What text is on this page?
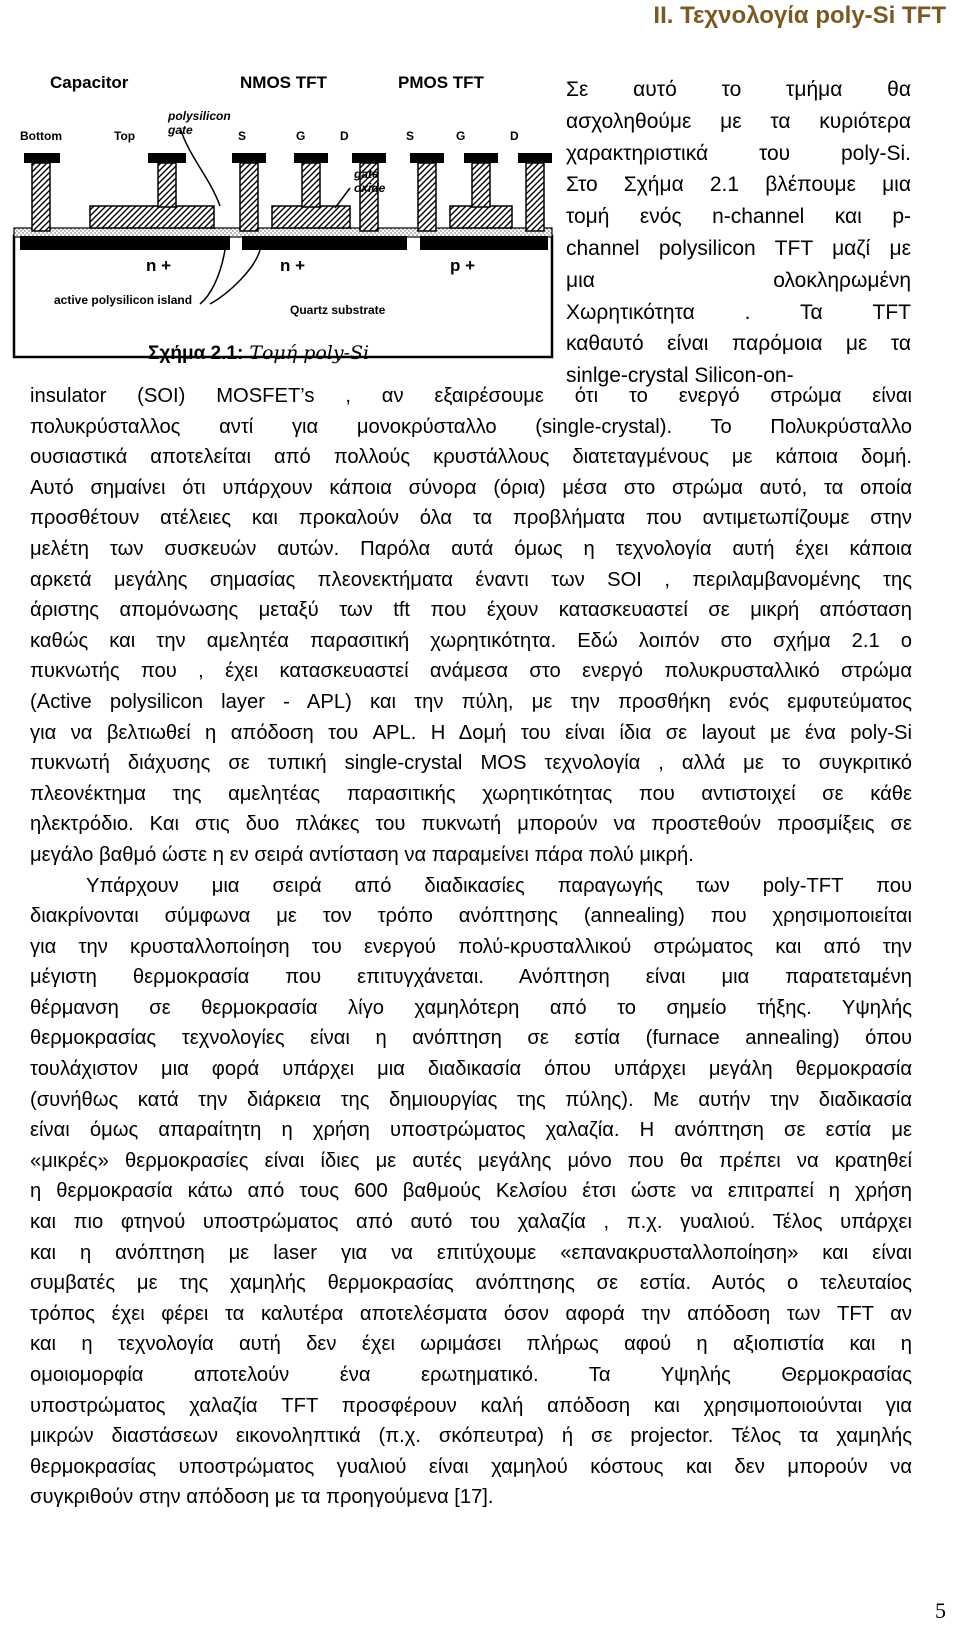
II. Τεχνολογία poly-Si TFT
Capacitor	NMOS TFT	PMOS TFT
Bottom	Top
polysilicon
gate	S	G	D	S	G	D
gate
oxide
n +	n +	p +
active polysilicon island
Quartz substrate
Σχήμα 2.1: Τομή poly-Si
Σε αυτό το τμήμα θα
ασχοληθούμε με τα κυριότερα
χαρακτηριστικά του poly-Si.
Στο Σχήμα 2.1 βλέπουμε μια
τομή ενός n-channel και p-
channel polysilicon TFT μαζί με
μια ολοκληρωμένη
Χωρητικότητα . Τα TFT
καθαυτό είναι παρόμοια με τα
sinlge-crystal Silicon-on-
insulator (SOI) MOSFET’s , αν εξαιρέσουμε ότι το ενεργό στρώμα είναι
πολυκρύσταλλος αντί για μονοκρύσταλλο (single-crystal). Το Πολυκρύσταλλο
ουσιαστικά αποτελείται από πολλούς κρυστάλλους διατεταγμένους με κάποια δομή.
Αυτό σημαίνει ότι υπάρχουν κάποια σύνορα (όρια) μέσα στο στρώμα αυτό, τα οποία
προσθέτουν ατέλειες και προκαλούν όλα τα προβλήματα που αντιμετωπίζουμε στην
μελέτη των συσκευών αυτών. Παρόλα αυτά όμως η τεχνολογία αυτή έχει κάποια
αρκετά μεγάλης σημασίας πλεονεκτήματα έναντι των SOI , περιλαμβανομένης της
άριστης απομόνωσης μεταξύ των tft που έχουν κατασκευαστεί σε μικρή απόσταση
καθώς και την αμελητέα παρασιτική χωρητικότητα. Εδώ λοιπόν στο σχήμα 2.1 ο
πυκνωτής που , έχει κατασκευαστεί ανάμεσα στο ενεργό πολυκρυσταλλικό στρώμα
(Active polysilicon layer - APL) και την πύλη, με την προσθήκη ενός εμφυτεύματος
για να βελτιωθεί η απόδοση του APL. Η Δομή του είναι ίδια σε layout με ένα poly-Si
πυκνωτή διάχυσης σε τυπική single-crystal MOS τεχνολογία , αλλά με το συγκριτικό
πλεονέκτημα της αμελητέας παρασιτικής χωρητικότητας που αντιστοιχεί σε κάθε
ηλεκτρόδιο. Και στις δυο πλάκες του πυκνωτή μπορούν να προστεθούν προσμίξεις σε
μεγάλο βαθμό ώστε η εν σειρά αντίσταση να παραμείνει πάρα πολύ μικρή.
Υπάρχουν μια σειρά από διαδικασίες παραγωγής των poly-TFT που
διακρίνονται σύμφωνα με τον τρόπο ανόπτησης (annealing) που χρησιμοποιείται
για την κρυσταλλοποίηση του ενεργού πολύ-κρυσταλλικού στρώματος και από την
μέγιστη θερμοκρασία που επιτυγχάνεται. Ανόπτηση είναι μια παρατεταμένη
θέρμανση σε θερμοκρασία λίγο χαμηλότερη από το σημείο τήξης. Υψηλής
θερμοκρασίας τεχνολογίες είναι η ανόπτηση σε εστία (furnace annealing) όπου
τουλάχιστον μια φορά υπάρχει μια διαδικασία όπου υπάρχει μεγάλη θερμοκρασία
(συνήθως κατά την διάρκεια της δημιουργίας της πύλης). Με αυτήν την διαδικασία
είναι όμως απαραίτητη η χρήση υποστρώματος χαλαζία. Η ανόπτηση σε εστία με
«μικρές» θερμοκρασίες είναι ίδιες με αυτές μεγάλης μόνο που θα πρέπει να κρατηθεί
η θερμοκρασία κάτω από τους 600 βαθμούς Κελσίου έτσι ώστε να επιτραπεί η χρήση
και πιο φτηνού υποστρώματος από αυτό του χαλαζία , π.χ. γυαλιού. Τέλος υπάρχει
και η ανόπτηση με laser για να επιτύχουμε «επανακρυσταλλοποίηση» και είναι
συμβατές με της χαμηλής θερμοκρασίας ανόπτησης σε εστία. Αυτός ο τελευταίος
τρόπος έχει φέρει τα καλυτέρα αποτελέσματα όσον αφορά την απόδοση των TFT αν
και η τεχνολογία αυτή δεν έχει ωριμάσει πλήρως αφού η αξιοπιστία και η
ομοιομορφία αποτελούν ένα ερωτηματικό. Τα Υψηλής Θερμοκρασίας
υποστρώματος χαλαζία TFT προσφέρουν καλή απόδοση και χρησιμοποιούνται για
μικρών διαστάσεων εικονοληπτικά (π.χ. σκόπευτρα) ή σε projector. Τέλος τα χαμηλής
θερμοκρασίας υποστρώματος γυαλιού είναι χαμηλού κόστους και δεν μπορούν να
συγκριθούν στην απόδοση με τα προηγούμενα [17].
5
